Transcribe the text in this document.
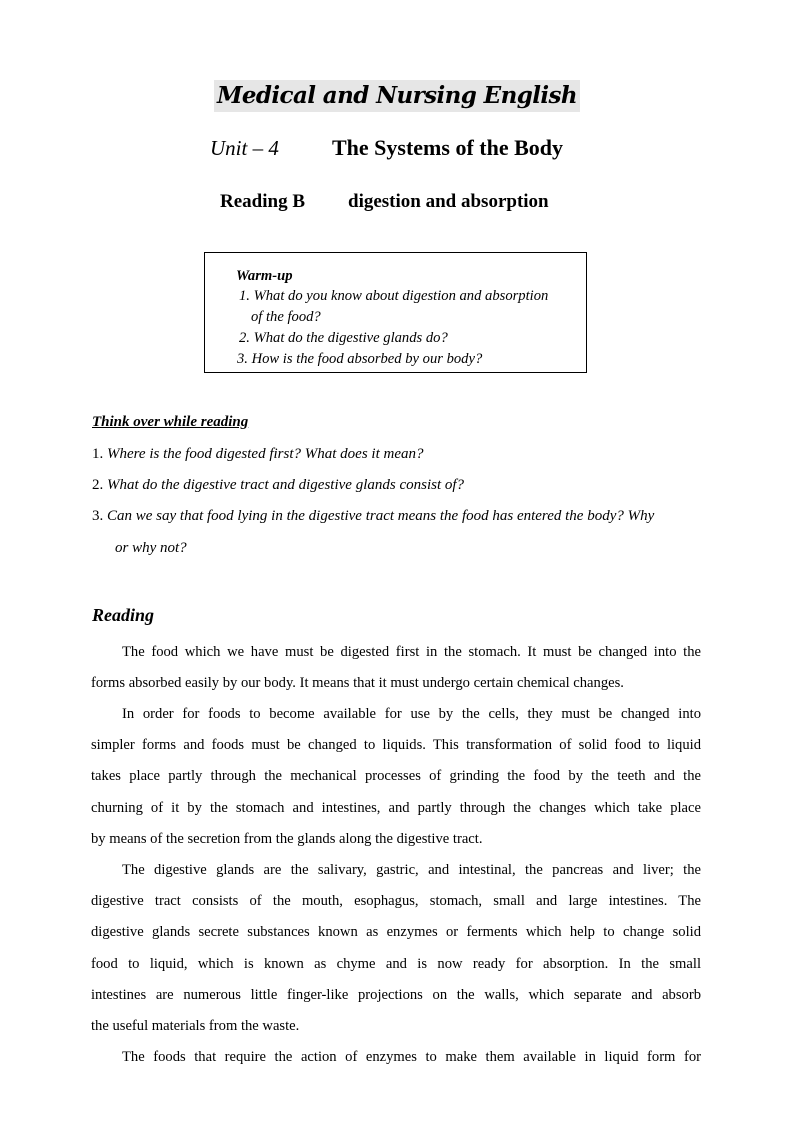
Medical and Nursing English
Unit – 4 The Systems of the Body
Reading B digestion and absorption
Warm-up
1. What do you know about digestion and absorption
of the food?
2. What do the digestive glands do?
3. How is the food absorbed by our body?
Think over while reading
1. Where is the food digested first? What does it mean?
2. What do the digestive tract and digestive glands consist of?
3. Can we say that food lying in the digestive tract means the food has entered the body? Why
or why not?
Reading
The food which we have must be digested first in the stomach. It must be changed into the
forms absorbed easily by our body. It means that it must undergo certain chemical changes.
In order for foods to become available for use by the cells, they must be changed into
simpler forms and foods must be changed to liquids. This transformation of solid food to liquid
takes place partly through the mechanical processes of grinding the food by the teeth and the
churning of it by the stomach and intestines, and partly through the changes which take place
by means of the secretion from the glands along the digestive tract.
The digestive glands are the salivary, gastric, and intestinal, the pancreas and liver; the
digestive tract consists of the mouth, esophagus, stomach, small and large intestines. The
digestive glands secrete substances known as enzymes or ferments which help to change solid
food to liquid, which is known as chyme and is now ready for absorption. In the small
intestines are numerous little finger-like projections on the walls, which separate and absorb
the useful materials from the waste.
The foods that require the action of enzymes to make them available in liquid form for
